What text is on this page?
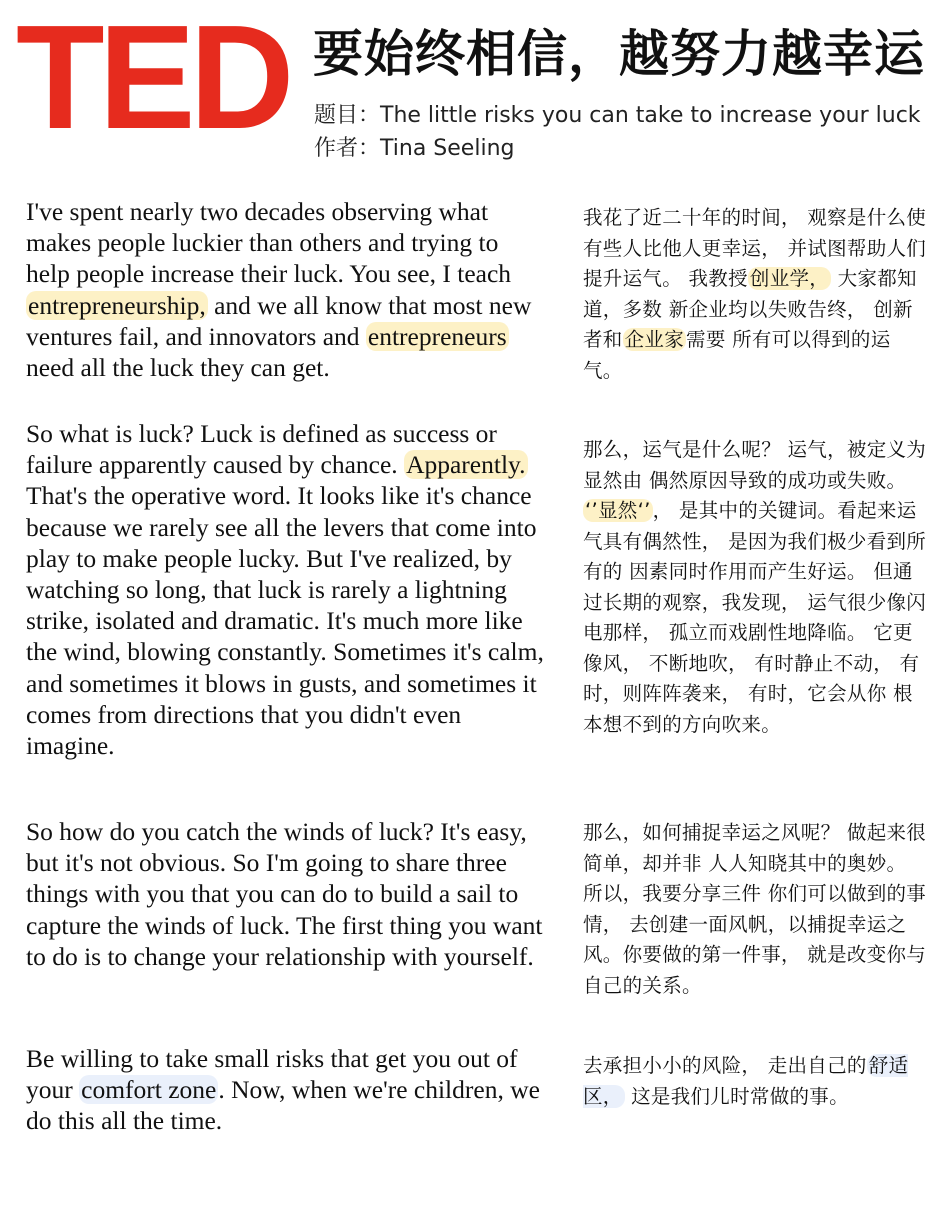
TED 要始终相信，越努力越幸运
题目：The little risks you can take to increase your luck
作者：Tina Seeling

I've spent nearly two decades observing what makes people luckier than others and trying to help people increase their luck. You see, I teach entrepreneurship, and we all know that most new ventures fail, and innovators and entrepreneurs need all the luck they can get.

我花了近二十年的时间， 观察是什么使有些人比他人更幸运， 并试图帮助人们提升运气。 我教授 创业学， 大家都知道，多数 新企业均以失败告终， 创新者和 企业家 需要 所有可以得到的运气。

So what is luck? Luck is defined as success or failure apparently caused by chance. Apparently. That's the operative word. It looks like it's chance because we rarely see all the levers that come into play to make people lucky. But I've realized, by watching so long, that luck is rarely a lightning strike, isolated and dramatic. It's much more like the wind, blowing constantly. Sometimes it's calm, and sometimes it blows in gusts, and sometimes it comes from directions that you didn't even imagine.

那么，运气是什么呢？ 运气，被定义为显然由 偶然原因导致的成功或失败。 ‘’显然‘’ ， 是其中的关键词。看起来运气具有偶然性， 是因为我们极少看到所有的 因素同时作用而产生好运。 但通过长期的观察，我发现， 运气很少像闪电那样， 孤立而戏剧性地降临。 它更像风， 不断地吹， 有时静止不动， 有时，则阵阵袭来， 有时，它会从你 根本想不到的方向吹来。

So how do you catch the winds of luck? It's easy, but it's not obvious. So I'm going to share three things with you that you can do to build a sail to capture the winds of luck. The first thing you want to do is to change your relationship with yourself.

那么，如何捕捉幸运之风呢？ 做起来很简单，却并非 人人知晓其中的奥妙。 所以，我要分享三件 你们可以做到的事情， 去创建一面风帆，以捕捉幸运之风。你要做的第一件事， 就是改变你与自己的关系。

Be willing to take small risks that get you out of your comfort zone. Now, when we're children, we do this all the time.

去承担小小的风险， 走出自己的 舒适区， 这是我们儿时常做的事。
